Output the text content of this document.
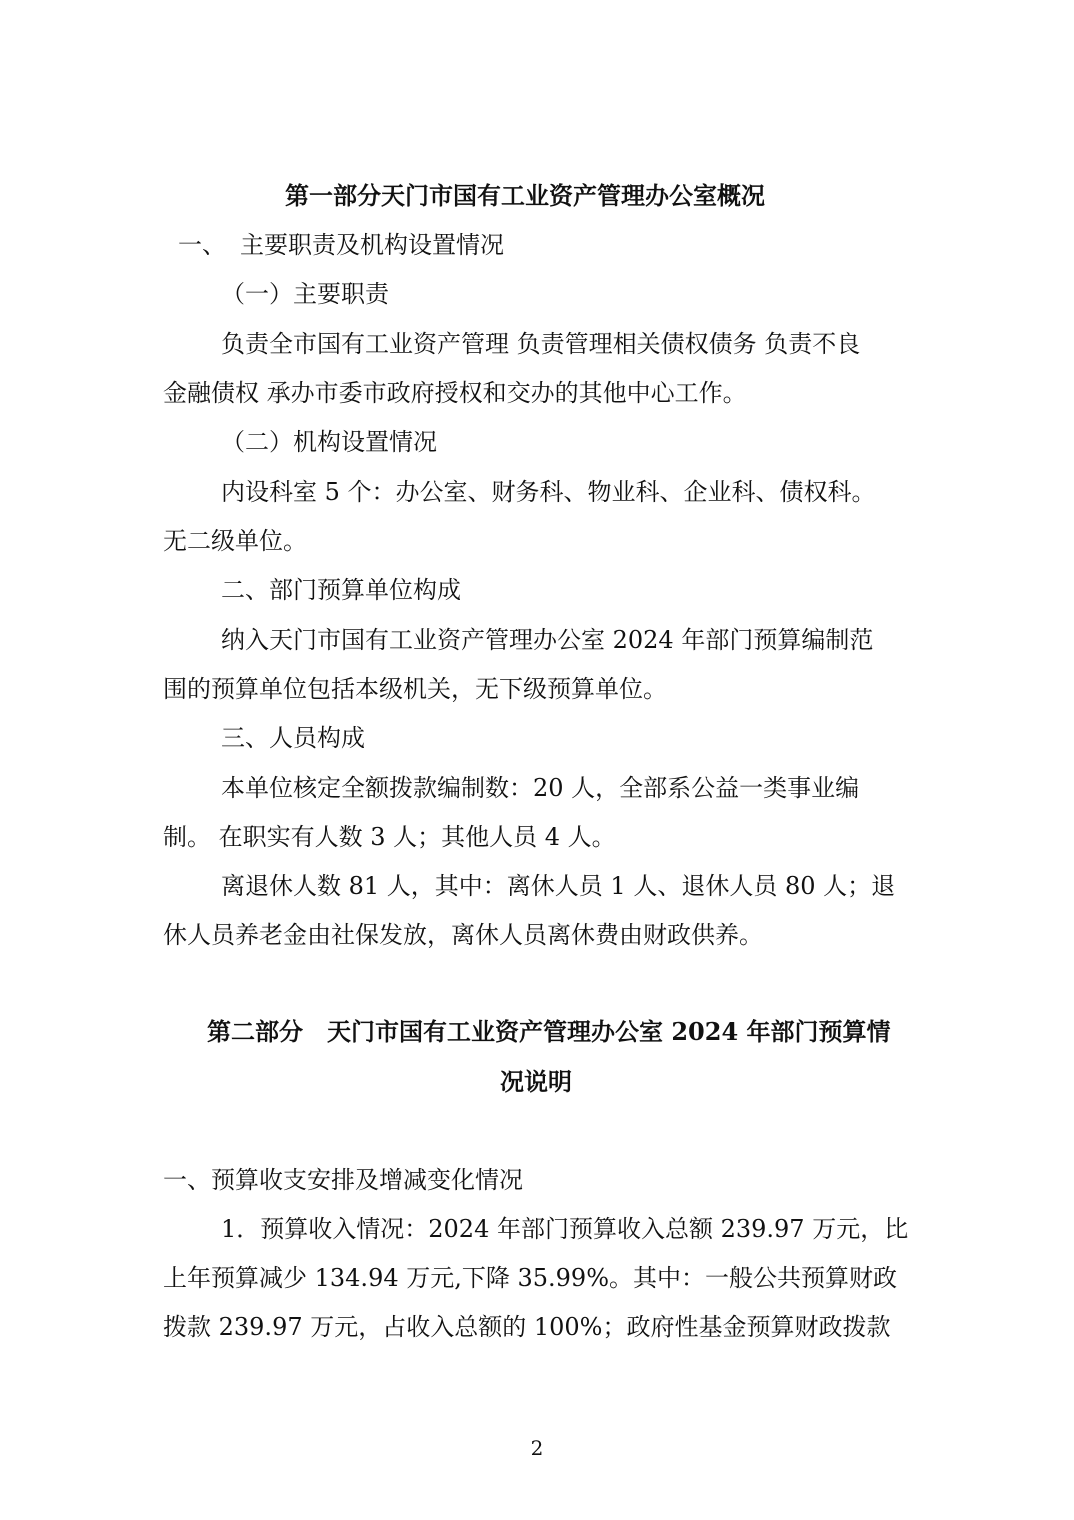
第一部分天门市国有工业资产管理办公室概况
一、 主要职责及机构设置情况
（一）主要职责
负责全市国有工业资产管理 负责管理相关债权债务 负责不良
金融债权 承办市委市政府授权和交办的其他中心工作。
（二）机构设置情况
内设科室 5 个：办公室、财务科、物业科、企业科、债权科。
无二级单位。
二、部门预算单位构成
纳入天门市国有工业资产管理办公室 2024 年部门预算编制范
围的预算单位包括本级机关，无下级预算单位。
三、人员构成
本单位核定全额拨款编制数：20 人，全部系公益一类事业编
制。 在职实有人数 3 人；其他人员 4 人。
离退休人数 81 人，其中：离休人员 1 人、退休人员 80 人；退
休人员养老金由社保发放，离休人员离休费由财政供养。
第二部分　天门市国有工业资产管理办公室 2024 年部门预算情
况说明
一、预算收支安排及增减变化情况
1．预算收入情况：2024 年部门预算收入总额 239.97 万元，比
上年预算减少 134.94 万元,下降 35.99%。其中：一般公共预算财政
拨款 239.97 万元，占收入总额的 100%；政府性基金预算财政拨款
2
